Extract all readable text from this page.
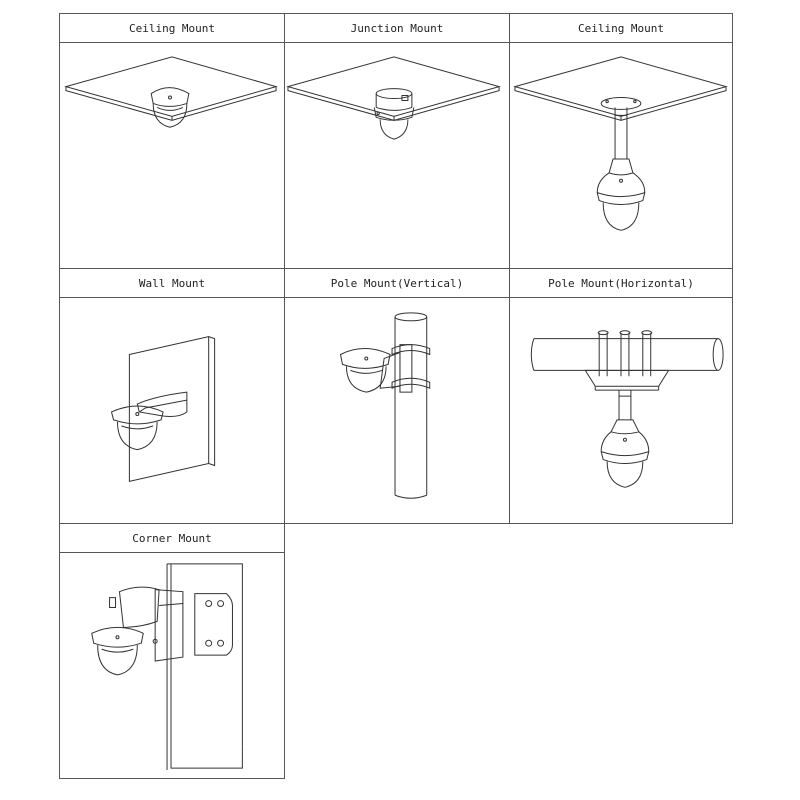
Ceiling Mount	Junction Mount	Ceiling Mount
Wall Mount	Pole Mount(Vertical)	Pole Mount(Horizontal)
Corner Mount
